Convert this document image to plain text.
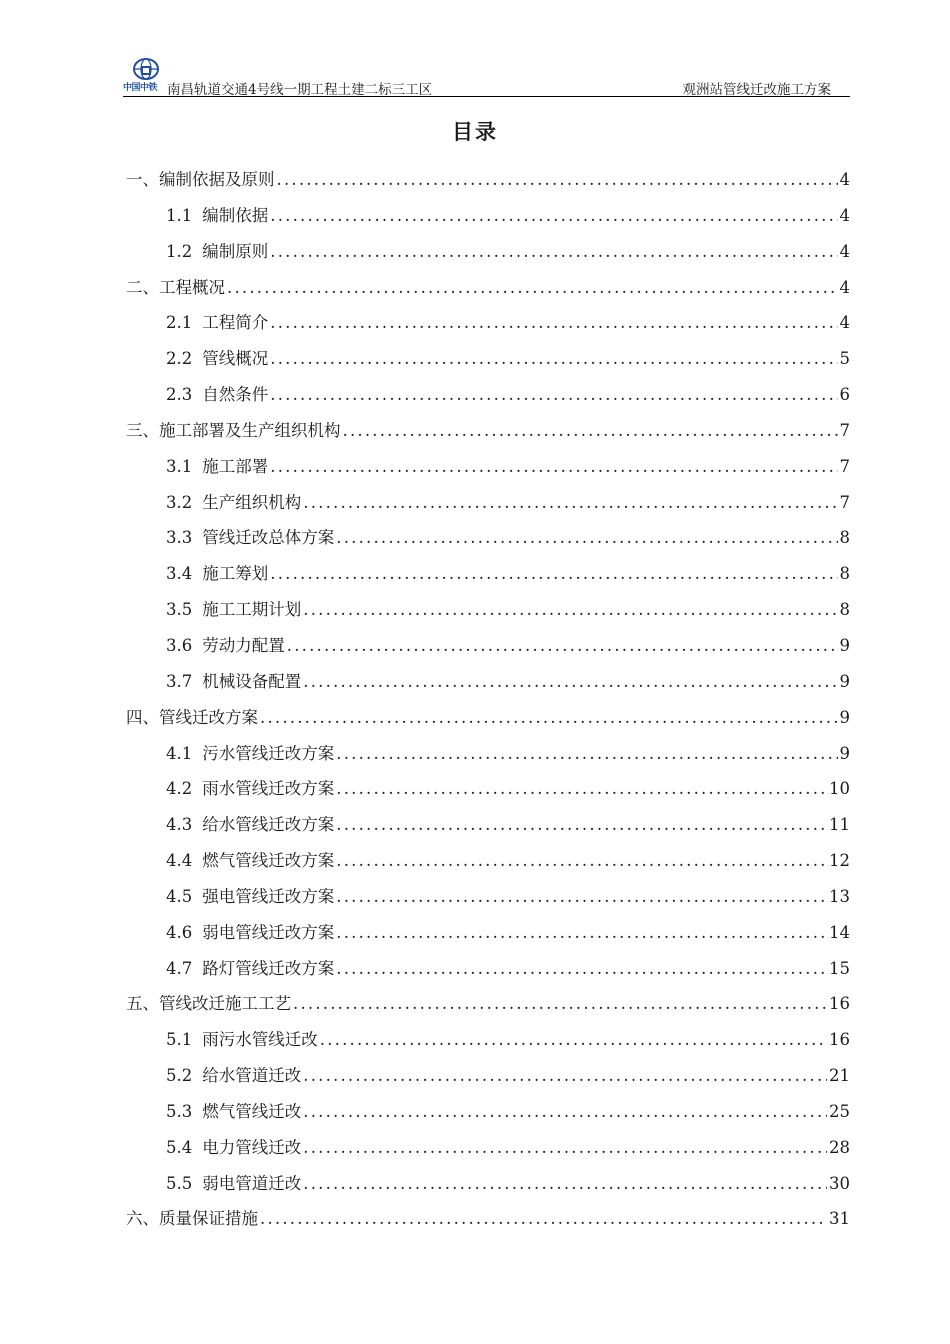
中国中铁 南昌轨道交通4号线一期工程土建二标三工区	观洲站管线迁改施工方案
目录
一、编制依据及原则 .....	4
1.1 编制依据 .....	4
1.2 编制原则 .....	4
二、工程概况 .....	4
2.1 工程简介 .....	4
2.2 管线概况 .....	5
2.3 自然条件 .....	6
三、施工部署及生产组织机构 .....	7
3.1 施工部署 .....	7
3.2 生产组织机构 .....	7
3.3 管线迁改总体方案 .....	8
3.4 施工筹划 .....	8
3.5 施工工期计划 .....	8
3.6 劳动力配置 .....	9
3.7 机械设备配置 .....	9
四、管线迁改方案 .....	9
4.1 污水管线迁改方案 .....	9
4.2 雨水管线迁改方案 .....	10
4.3 给水管线迁改方案 .....	11
4.4 燃气管线迁改方案 .....	12
4.5 强电管线迁改方案 .....	13
4.6 弱电管线迁改方案 .....	14
4.7 路灯管线迁改方案 .....	15
五、管线改迁施工工艺 .....	16
5.1 雨污水管线迁改 .....	16
5.2 给水管道迁改 .....	21
5.3 燃气管线迁改 .....	25
5.4 电力管线迁改 .....	28
5.5 弱电管道迁改 .....	30
六、质量保证措施 .....	31
